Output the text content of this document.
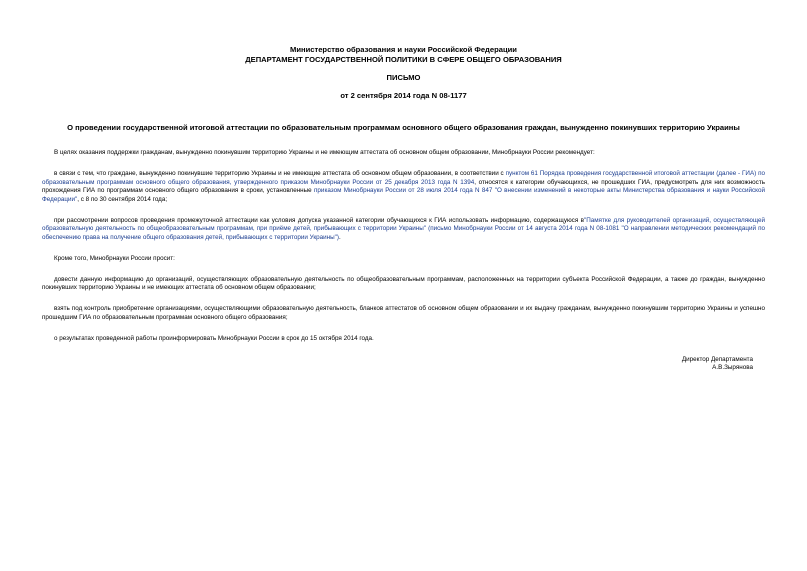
Министерство образования и науки Российской Федерации
ДЕПАРТАМЕНТ ГОСУДАРСТВЕННОЙ ПОЛИТИКИ В СФЕРЕ ОБЩЕГО ОБРАЗОВАНИЯ
ПИСЬМО
от 2 сентября 2014 года N 08-1177
О проведении государственной итоговой аттестации по образовательным программам основного общего образования граждан, вынужденно покинувших территорию Украины

В целях оказания поддержки гражданам, вынужденно покинувшим территорию Украины и не имеющим аттестата об основном общем образовании, Минобрнауки России рекомендует:

в связи с тем, что граждане, вынужденно покинувшие территорию Украины и не имеющие аттестата об основном общем образовании, в соответствии с пунктом 61 Порядка проведения государственной итоговой аттестации (далее - ГИА) по образовательным программам основного общего образования, утвержденного приказом Минобрнауки России от 25 декабря 2013 года N 1394, относятся к категории обучающихся, не прошедших ГИА, предусмотреть для них возможность прохождения ГИА по программам основного общего образования в сроки, установленные приказом Минобрнауки России от 28 июля 2014 года N 847 "О внесении изменений в некоторые акты Министерства образования и науки Российской Федерации", с 8 по 30 сентября 2014 года;

при рассмотрении вопросов проведения промежуточной аттестации как условия допуска указанной категории обучающихся к ГИА использовать информацию, содержащуюся в"Памятке для руководителей организаций, осуществляющей образовательную деятельность по общеобразовательным программам, при приёме детей, прибывающих с территории Украины" (письмо Минобрнауки России от 14 августа 2014 года N 08-1081 "О направлении методических рекомендаций по обеспечению права на получение общего образования детей, прибывающих с территории Украины").

Кроме того, Минобрнауки России просит:

довести данную информацию до организаций, осуществляющих образовательную деятельность по общеобразовательным программам, расположенных на территории субъекта Российской Федерации, а также до граждан, вынужденно покинувших территорию Украины и не имеющих аттестата об основном общем образовании;

взять под контроль приобретение организациями, осуществляющими образовательную деятельность, бланков аттестатов об основном общем образовании и их выдачу гражданам, вынужденно покинувшим территорию Украины и успешно прошедшим ГИА по образовательным программам основного общего образования;

о результатах проведенной работы проинформировать Минобрнауки России в срок до 15 октября 2014 года.

Директор Департамента
А.В.Зырянова
